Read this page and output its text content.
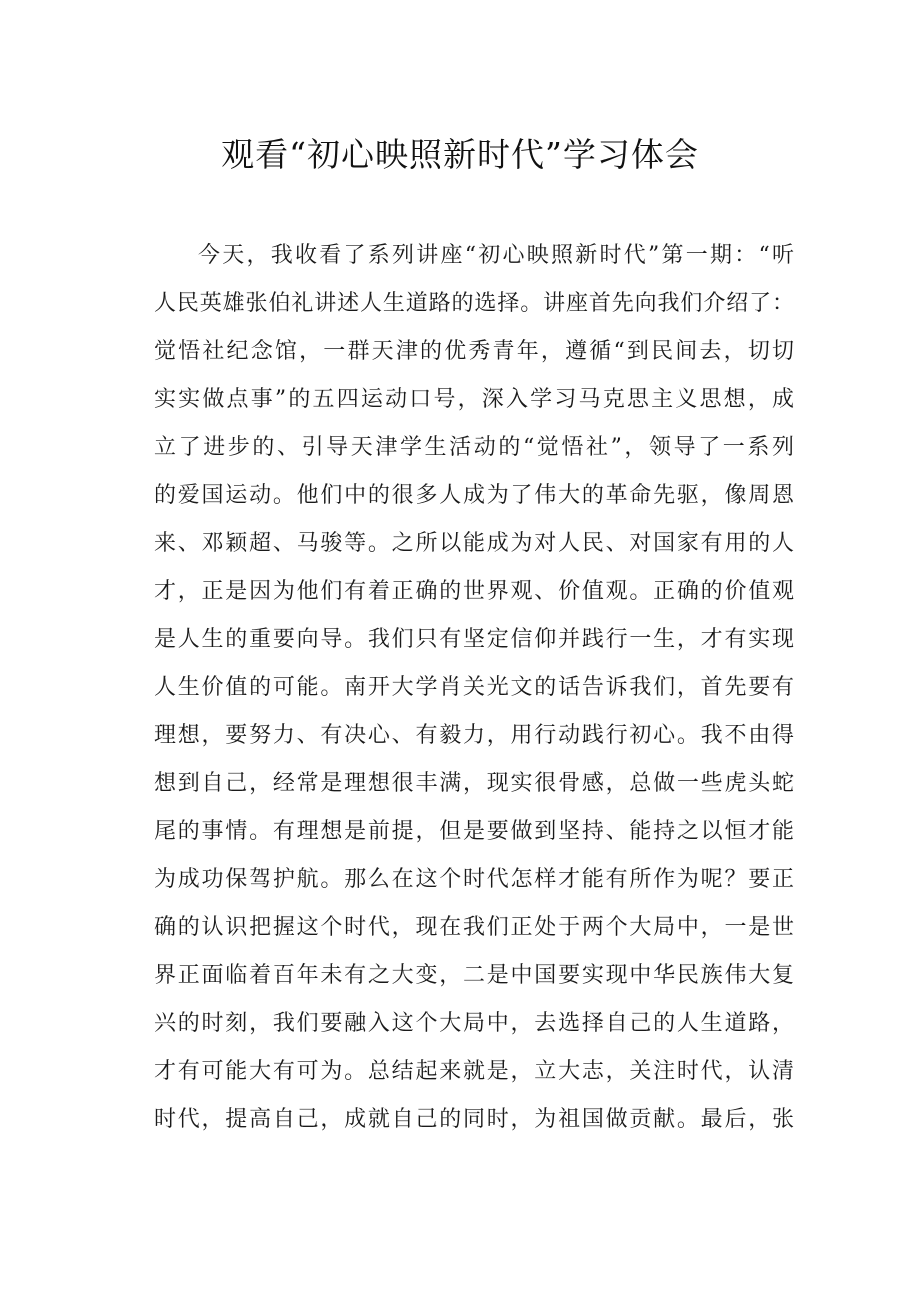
观看“初心映照新时代”学习体会
今天，我收看了系列讲座“初心映照新时代”第一期：“听
人民英雄张伯礼讲述人生道路的选择。讲座首先向我们介绍了：
觉悟社纪念馆，一群天津的优秀青年，遵循“到民间去，切切
实实做点事”的五四运动口号，深入学习马克思主义思想，成
立了进步的、引导天津学生活动的“觉悟社”，领导了一系列
的爱国运动。他们中的很多人成为了伟大的革命先驱，像周恩
来、邓颖超、马骏等。之所以能成为对人民、对国家有用的人
才，正是因为他们有着正确的世界观、价值观。正确的价值观
是人生的重要向导。我们只有坚定信仰并践行一生，才有实现
人生价值的可能。南开大学肖关光文的话告诉我们，首先要有
理想，要努力、有决心、有毅力，用行动践行初心。我不由得
想到自己，经常是理想很丰满，现实很骨感，总做一些虎头蛇
尾的事情。有理想是前提，但是要做到坚持、能持之以恒才能
为成功保驾护航。那么在这个时代怎样才能有所作为呢？要正
确的认识把握这个时代，现在我们正处于两个大局中，一是世
界正面临着百年未有之大变，二是中国要实现中华民族伟大复
兴的时刻，我们要融入这个大局中，去选择自己的人生道路，
才有可能大有可为。总结起来就是，立大志，关注时代，认清
时代，提高自己，成就自己的同时，为祖国做贡献。最后，张
